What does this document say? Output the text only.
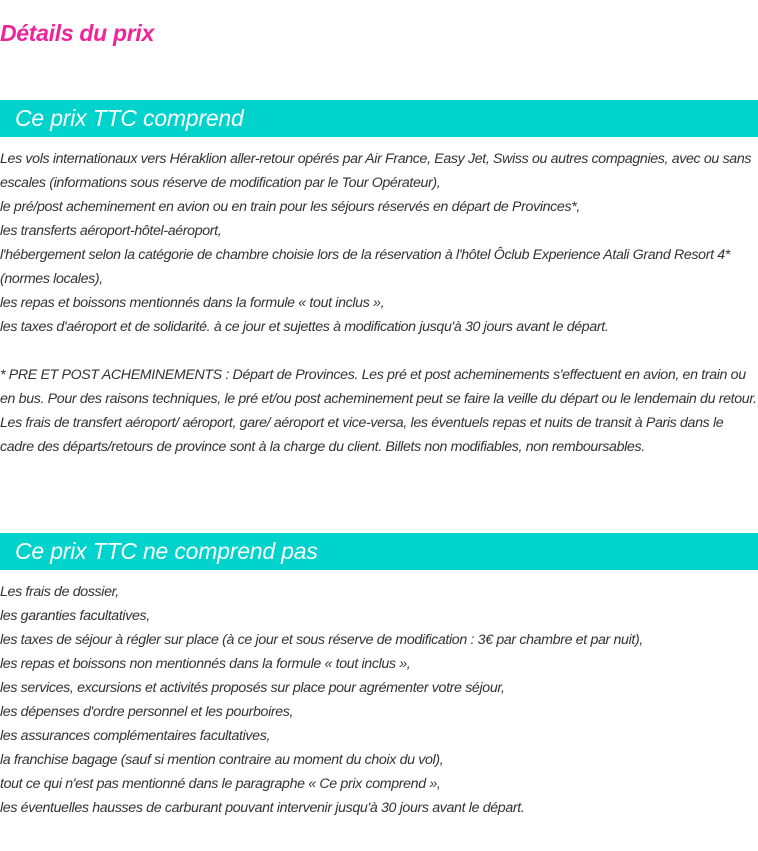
Détails du prix
Ce prix TTC comprend
Les vols internationaux vers Héraklion aller-retour opérés par Air France, Easy Jet, Swiss ou autres compagnies, avec ou sans escales (informations sous réserve de modification par le Tour Opérateur),
le pré/post acheminement en avion ou en train pour les séjours réservés en départ de Provinces*,
les transferts aéroport-hôtel-aéroport,
l'hébergement selon la catégorie de chambre choisie lors de la réservation à l'hôtel Ôclub Experience Atali Grand Resort 4* (normes locales),
les repas et boissons mentionnés dans la formule « tout inclus »,
les taxes d'aéroport et de solidarité. à ce jour et sujettes à modification jusqu'à 30 jours avant le départ.

* PRE ET POST ACHEMINEMENTS : Départ de Provinces. Les pré et post acheminements s'effectuent en avion, en train ou en bus. Pour des raisons techniques, le pré et/ou post acheminement peut se faire la veille du départ ou le lendemain du retour. Les frais de transfert aéroport/ aéroport, gare/ aéroport et vice-versa, les éventuels repas et nuits de transit à Paris dans le cadre des départs/retours de province sont à la charge du client. Billets non modifiables, non remboursables.

Ce prix TTC ne comprend pas
Les frais de dossier,
les garanties facultatives,
les taxes de séjour à régler sur place (à ce jour et sous réserve de modification : 3€ par chambre et par nuit),
les repas et boissons non mentionnés dans la formule « tout inclus »,
les services, excursions et activités proposés sur place pour agrémenter votre séjour,
les dépenses d'ordre personnel et les pourboires,
les assurances complémentaires facultatives,
la franchise bagage (sauf si mention contraire au moment du choix du vol),
tout ce qui n'est pas mentionné dans le paragraphe « Ce prix comprend »,
les éventuelles hausses de carburant pouvant intervenir jusqu'à 30 jours avant le départ.
